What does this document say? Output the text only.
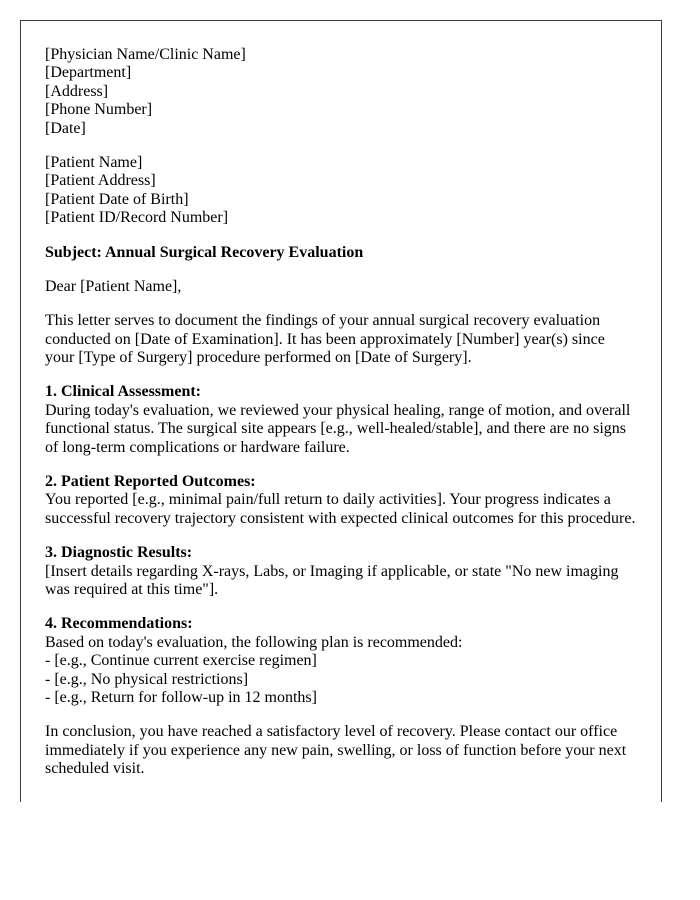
[Physician Name/Clinic Name]
[Department]
[Address]
[Phone Number]
[Date]

[Patient Name]
[Patient Address]
[Patient Date of Birth]
[Patient ID/Record Number]

Subject: Annual Surgical Recovery Evaluation

Dear [Patient Name],

This letter serves to document the findings of your annual surgical recovery evaluation conducted on [Date of Examination]. It has been approximately [Number] year(s) since your [Type of Surgery] procedure performed on [Date of Surgery].

1. Clinical Assessment:
During today's evaluation, we reviewed your physical healing, range of motion, and overall functional status. The surgical site appears [e.g., well-healed/stable], and there are no signs of long-term complications or hardware failure.

2. Patient Reported Outcomes:
You reported [e.g., minimal pain/full return to daily activities]. Your progress indicates a successful recovery trajectory consistent with expected clinical outcomes for this procedure.

3. Diagnostic Results:
[Insert details regarding X-rays, Labs, or Imaging if applicable, or state "No new imaging was required at this time"].

4. Recommendations:
Based on today's evaluation, the following plan is recommended:
- [e.g., Continue current exercise regimen]
- [e.g., No physical restrictions]
- [e.g., Return for follow-up in 12 months]

In conclusion, you have reached a satisfactory level of recovery. Please contact our office immediately if you experience any new pain, swelling, or loss of function before your next scheduled visit.
